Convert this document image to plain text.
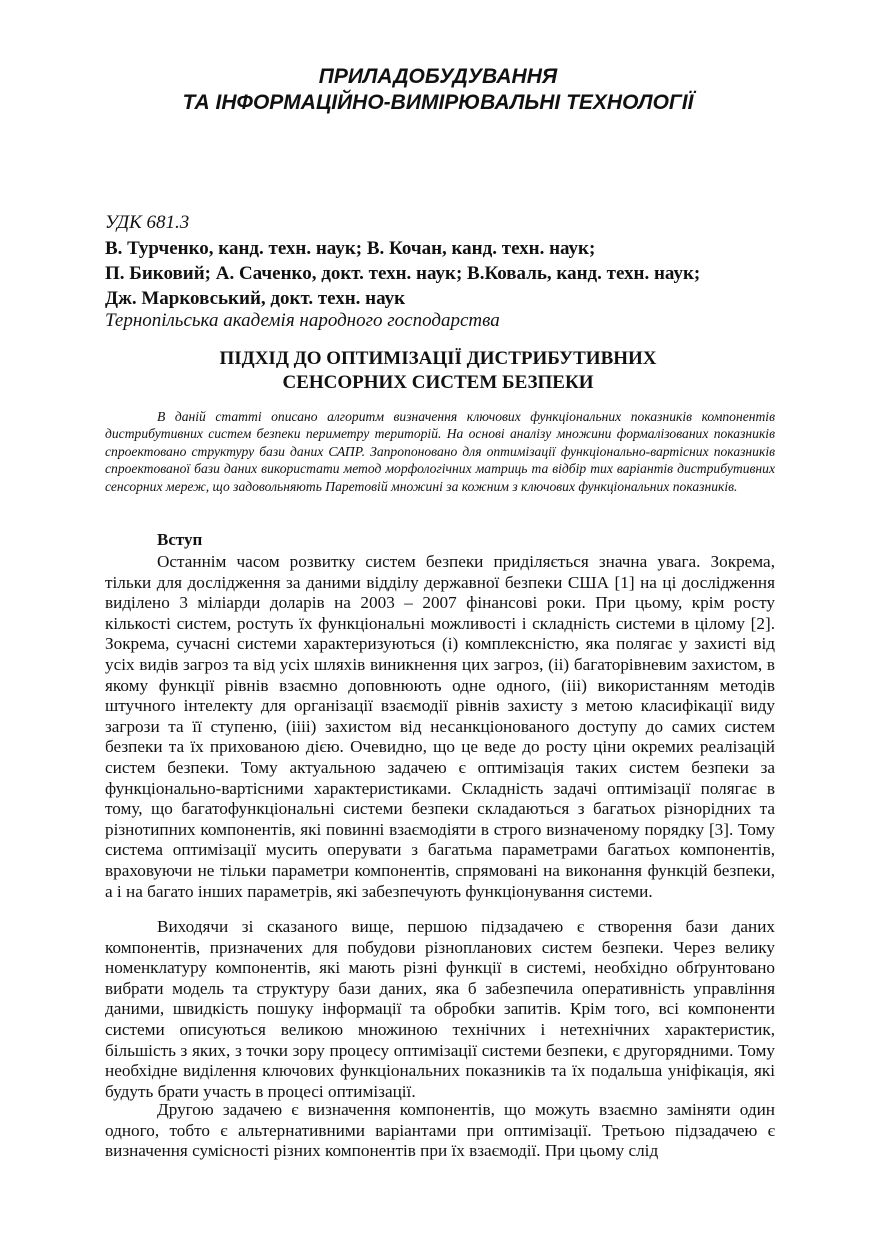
ПРИЛАДОБУДУВАННЯ
ТА ІНФОРМАЦІЙНО-ВИМІРЮВАЛЬНІ ТЕХНОЛОГІЇ
УДК 681.3
В. Турченко, канд. техн. наук; В. Кочан, канд. техн. наук;
П. Биковий; А. Саченко, докт. техн. наук; В.Коваль, канд. техн. наук;
Дж. Марковський, докт. техн. наук
Тернопільська академія народного господарства
ПІДХІД ДО ОПТИМІЗАЦІЇ ДИСТРИБУТИВНИХ
СЕНСОРНИХ СИСТЕМ БЕЗПЕКИ

В даній статті описано алгоритм визначення ключових функціональних показників компонентів дистрибутивних систем безпеки периметру територій. На основі аналізу множини формалізованих показників спроектовано структуру бази даних САПР. Запропоновано для оптимізації функціонально-вартісних показників спроектованої бази даних використати метод морфологічних матриць та відбір тих варіантів дистрибутивних сенсорних мереж, що задовольняють Паретовій множині за кожним з ключових функціональних показників.

Вступ

Останнім часом розвитку систем безпеки приділяється значна увага. Зокрема, тільки для дослідження за даними відділу державної безпеки США [1] на ці дослідження виділено 3 міліарди доларів на 2003 – 2007 фінансові роки. При цьому, крім росту кількості систем, ростуть їх функціональні можливості і складність системи в цілому [2]. Зокрема, сучасні системи характеризуються (і) комплексністю, яка полягає у захисті від усіх видів загроз та від усіх шляхів виникнення цих загроз, (іі) багаторівневим захистом, в якому функції рівнів взаємно доповнюють одне одного, (ііі) використанням методів штучного інтелекту для організації взаємодії рівнів захисту з метою класифікації виду загрози та її ступеню, (іііі) захистом від несанкціонованого доступу до самих систем безпеки та їх прихованою дією. Очевидно, що це веде до росту ціни окремих реалізацій систем безпеки. Тому актуальною задачею є оптимізація таких систем безпеки за функціонально-вартісними характеристиками. Складність задачі оптимізації полягає в тому, що багатофункціональні системи безпеки складаються з багатьох різнорідних та різнотипних компонентів, які повинні взаємодіяти в строго визначеному порядку [3]. Тому система оптимізації мусить оперувати з багатьма параметрами багатьох компонентів, враховуючи не тільки параметри компонентів, спрямовані на виконання функцій безпеки, а і на багато інших параметрів, які забезпечують функціонування системи.

Виходячи зі сказаного вище, першою підзадачею є створення бази даних компонентів, призначених для побудови різнопланових систем безпеки. Через велику номенклатуру компонентів, які мають різні функції в системі, необхідно обґрунтовано вибрати модель та структуру бази даних, яка б забезпечила оперативність управління даними, швидкість пошуку інформації та обробки запитів. Крім того, всі компоненти системи описуються великою множиною технічних і нетехнічних характеристик, більшість з яких, з точки зору процесу оптимізації системи безпеки, є другорядними. Тому необхідне виділення ключових функціональних показників та їх подальша уніфікація, які будуть брати участь в процесі оптимізації.

Другою задачею є визначення компонентів, що можуть взаємно заміняти один одного, тобто є альтернативними варіантами при оптимізації. Третьою підзадачею є визначення сумісності різних компонентів при їх взаємодії. При цьому слід
